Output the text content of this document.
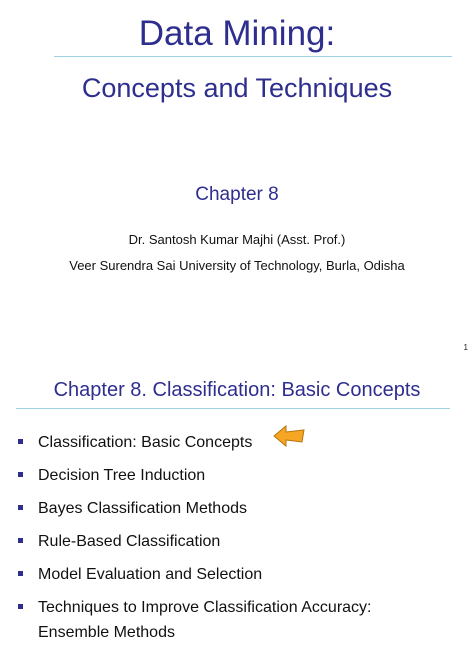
Data Mining:
Concepts and Techniques
Chapter 8
Dr. Santosh Kumar Majhi (Asst. Prof.)
Veer Surendra Sai University of Technology, Burla, Odisha
1
Chapter 8. Classification: Basic Concepts
Classification: Basic Concepts
Decision Tree Induction
Bayes Classification Methods
Rule-Based Classification
Model Evaluation and Selection
Techniques to Improve Classification Accuracy:
Ensemble Methods
